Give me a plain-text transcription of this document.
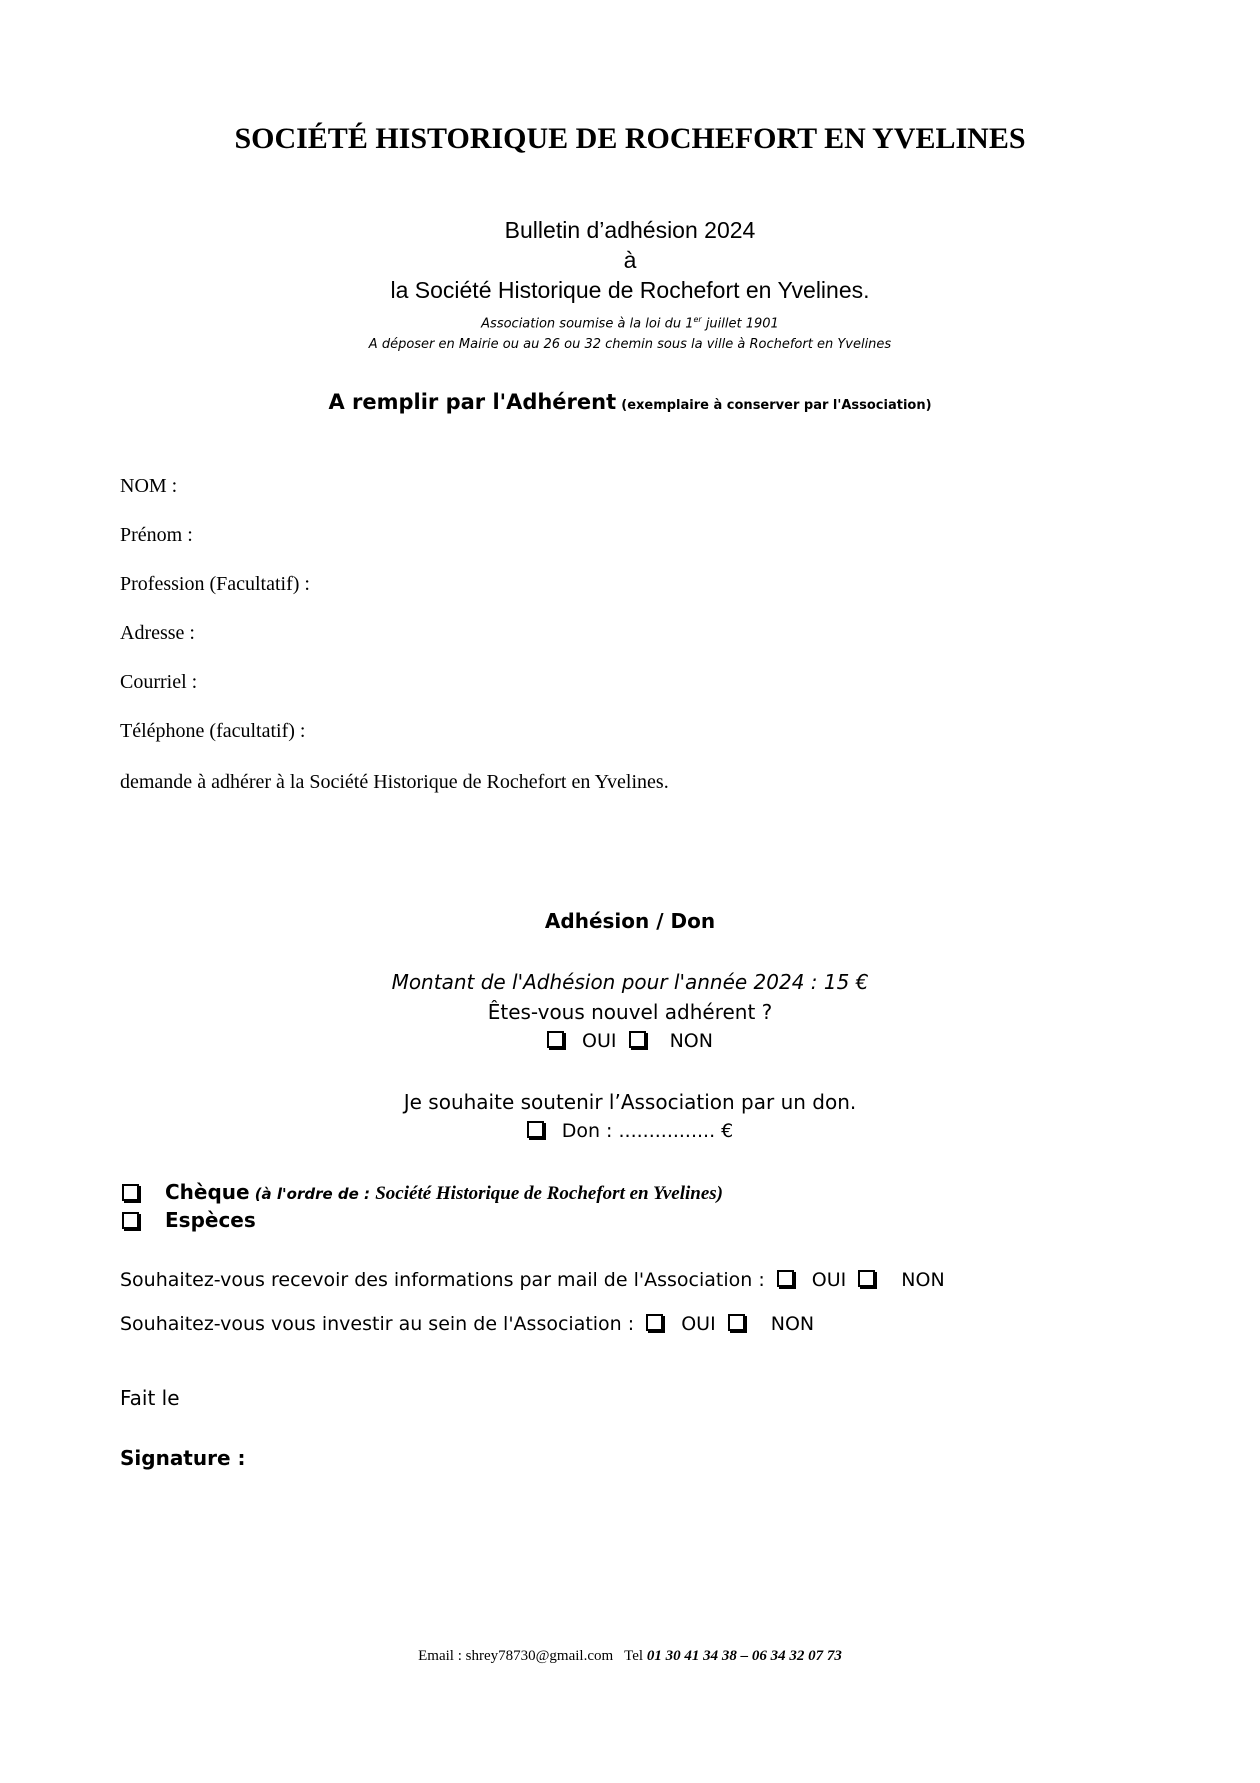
SOCIÉTÉ HISTORIQUE DE ROCHEFORT EN YVELINES
Bulletin d’adhésion 2024
à
la Société Historique de Rochefort en Yvelines.
Association soumise à la loi du 1er juillet 1901
A déposer en Mairie ou au 26 ou 32 chemin sous la ville à Rochefort en Yvelines
A remplir par l'Adhérent (exemplaire à conserver par l'Association)
NOM :
Prénom :
Profession (Facultatif) :
Adresse :
Courriel :
Téléphone (facultatif) :
demande à adhérer à la Société Historique de Rochefort en Yvelines.
Adhésion / Don
Montant de l'Adhésion pour l'année 2024 : 15 €
Êtes-vous nouvel adhérent ?
OUI	NON
Je souhaite soutenir l’Association par un don.
Don : ................ €
Chèque (à l'ordre de : Société Historique de Rochefort en Yvelines)
Espèces
Souhaitez-vous recevoir des informations par mail de l'Association : OUI	NON
Souhaitez-vous vous investir au sein de l'Association : OUI	NON
Fait le
Signature :
Email : shrey78730@gmail.com Tel 01 30 41 34 38 – 06 34 32 07 73
